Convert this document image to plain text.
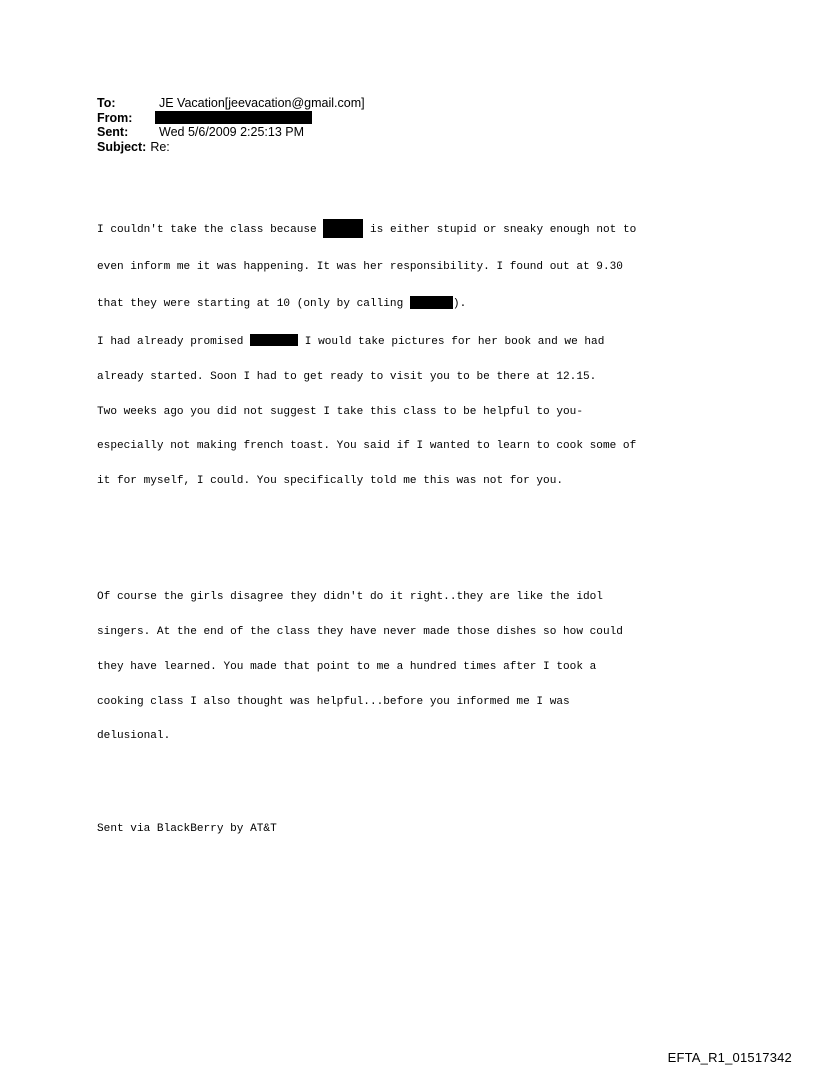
To:	JE Vacation[jeevacation@gmail.com]
From:
Sent:	Wed 5/6/2009 2:25:13 PM
Subject: Re:

I couldn't take the class because	is either stupid or sneaky enough not to

even inform me it was happening. It was her responsibility. I found out at 9.30

that they were starting at 10 (only by calling	).

I had already promised	I would take pictures for her book and we had

already started. Soon I had to get ready to visit you to be there at 12.15.

Two weeks ago you did not suggest I take this class to be helpful to you-

especially not making french toast. You said if I wanted to learn to cook some of

it for myself, I could. You specifically told me this was not for you.

Of course the girls disagree they didn't do it right..they are like the idol

singers. At the end of the class they have never made those dishes so how could

they have learned. You made that point to me a hundred times after I took a

cooking class I also thought was helpful...before you informed me I was

delusional.

Sent via BlackBerry by AT&T

EFTA_R1_01517342
